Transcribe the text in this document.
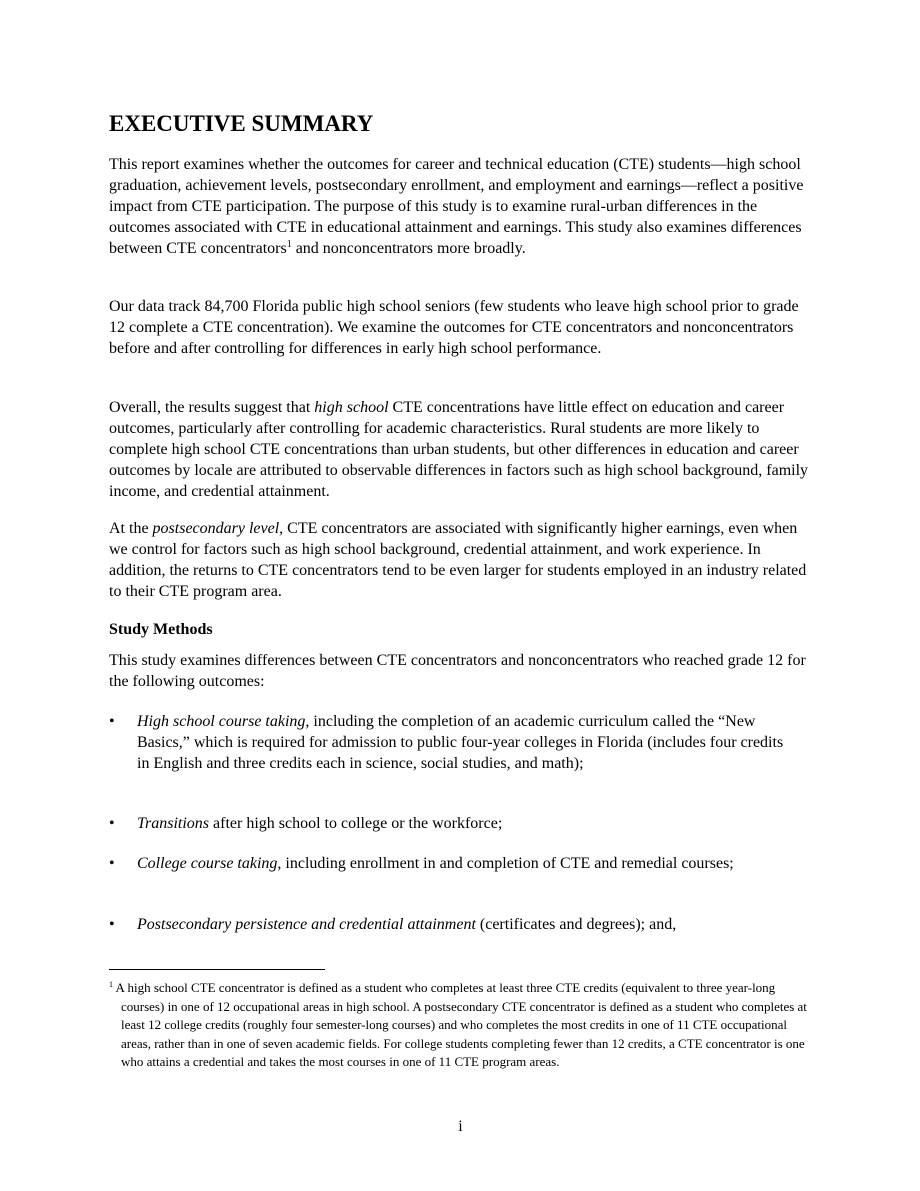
EXECUTIVE SUMMARY

This report examines whether the outcomes for career and technical education (CTE) students—high school graduation, achievement levels, postsecondary enrollment, and employment and earnings—reflect a positive impact from CTE participation. The purpose of this study is to examine rural-urban differences in the outcomes associated with CTE in educational attainment and earnings. This study also examines differences between CTE concentrators$^1$ and nonconcentrators more broadly.

Our data track 84,700 Florida public high school seniors (few students who leave high school prior to grade 12 complete a CTE concentration). We examine the outcomes for CTE concentrators and nonconcentrators before and after controlling for differences in early high school performance.

Overall, the results suggest that high school CTE concentrations have little effect on education and career outcomes, particularly after controlling for academic characteristics. Rural students are more likely to complete high school CTE concentrations than urban students, but other differences in education and career outcomes by locale are attributed to observable differences in factors such as high school background, family income, and credential attainment.

At the postsecondary level, CTE concentrators are associated with significantly higher earnings, even when we control for factors such as high school background, credential attainment, and work experience. In addition, the returns to CTE concentrators tend to be even larger for students employed in an industry related to their CTE program area.

Study Methods

This study examines differences between CTE concentrators and nonconcentrators who reached grade 12 for the following outcomes:

• High school course taking, including the completion of an academic curriculum called the “New Basics,” which is required for admission to public four-year colleges in Florida (includes four credits in English and three credits each in science, social studies, and math);
• Transitions after high school to college or the workforce;
• College course taking, including enrollment in and completion of CTE and remedial courses;
• Postsecondary persistence and credential attainment (certificates and degrees); and,
$^1$ A high school CTE concentrator is defined as a student who completes at least three CTE credits (equivalent to three year-long courses) in one of 12 occupational areas in high school. A postsecondary CTE concentrator is defined as a student who completes at least 12 college credits (roughly four semester-long courses) and who completes the most credits in one of 11 CTE occupational areas, rather than in one of seven academic fields. For college students completing fewer than 12 credits, a CTE concentrator is one who attains a credential and takes the most courses in one of 11 CTE program areas.
i
